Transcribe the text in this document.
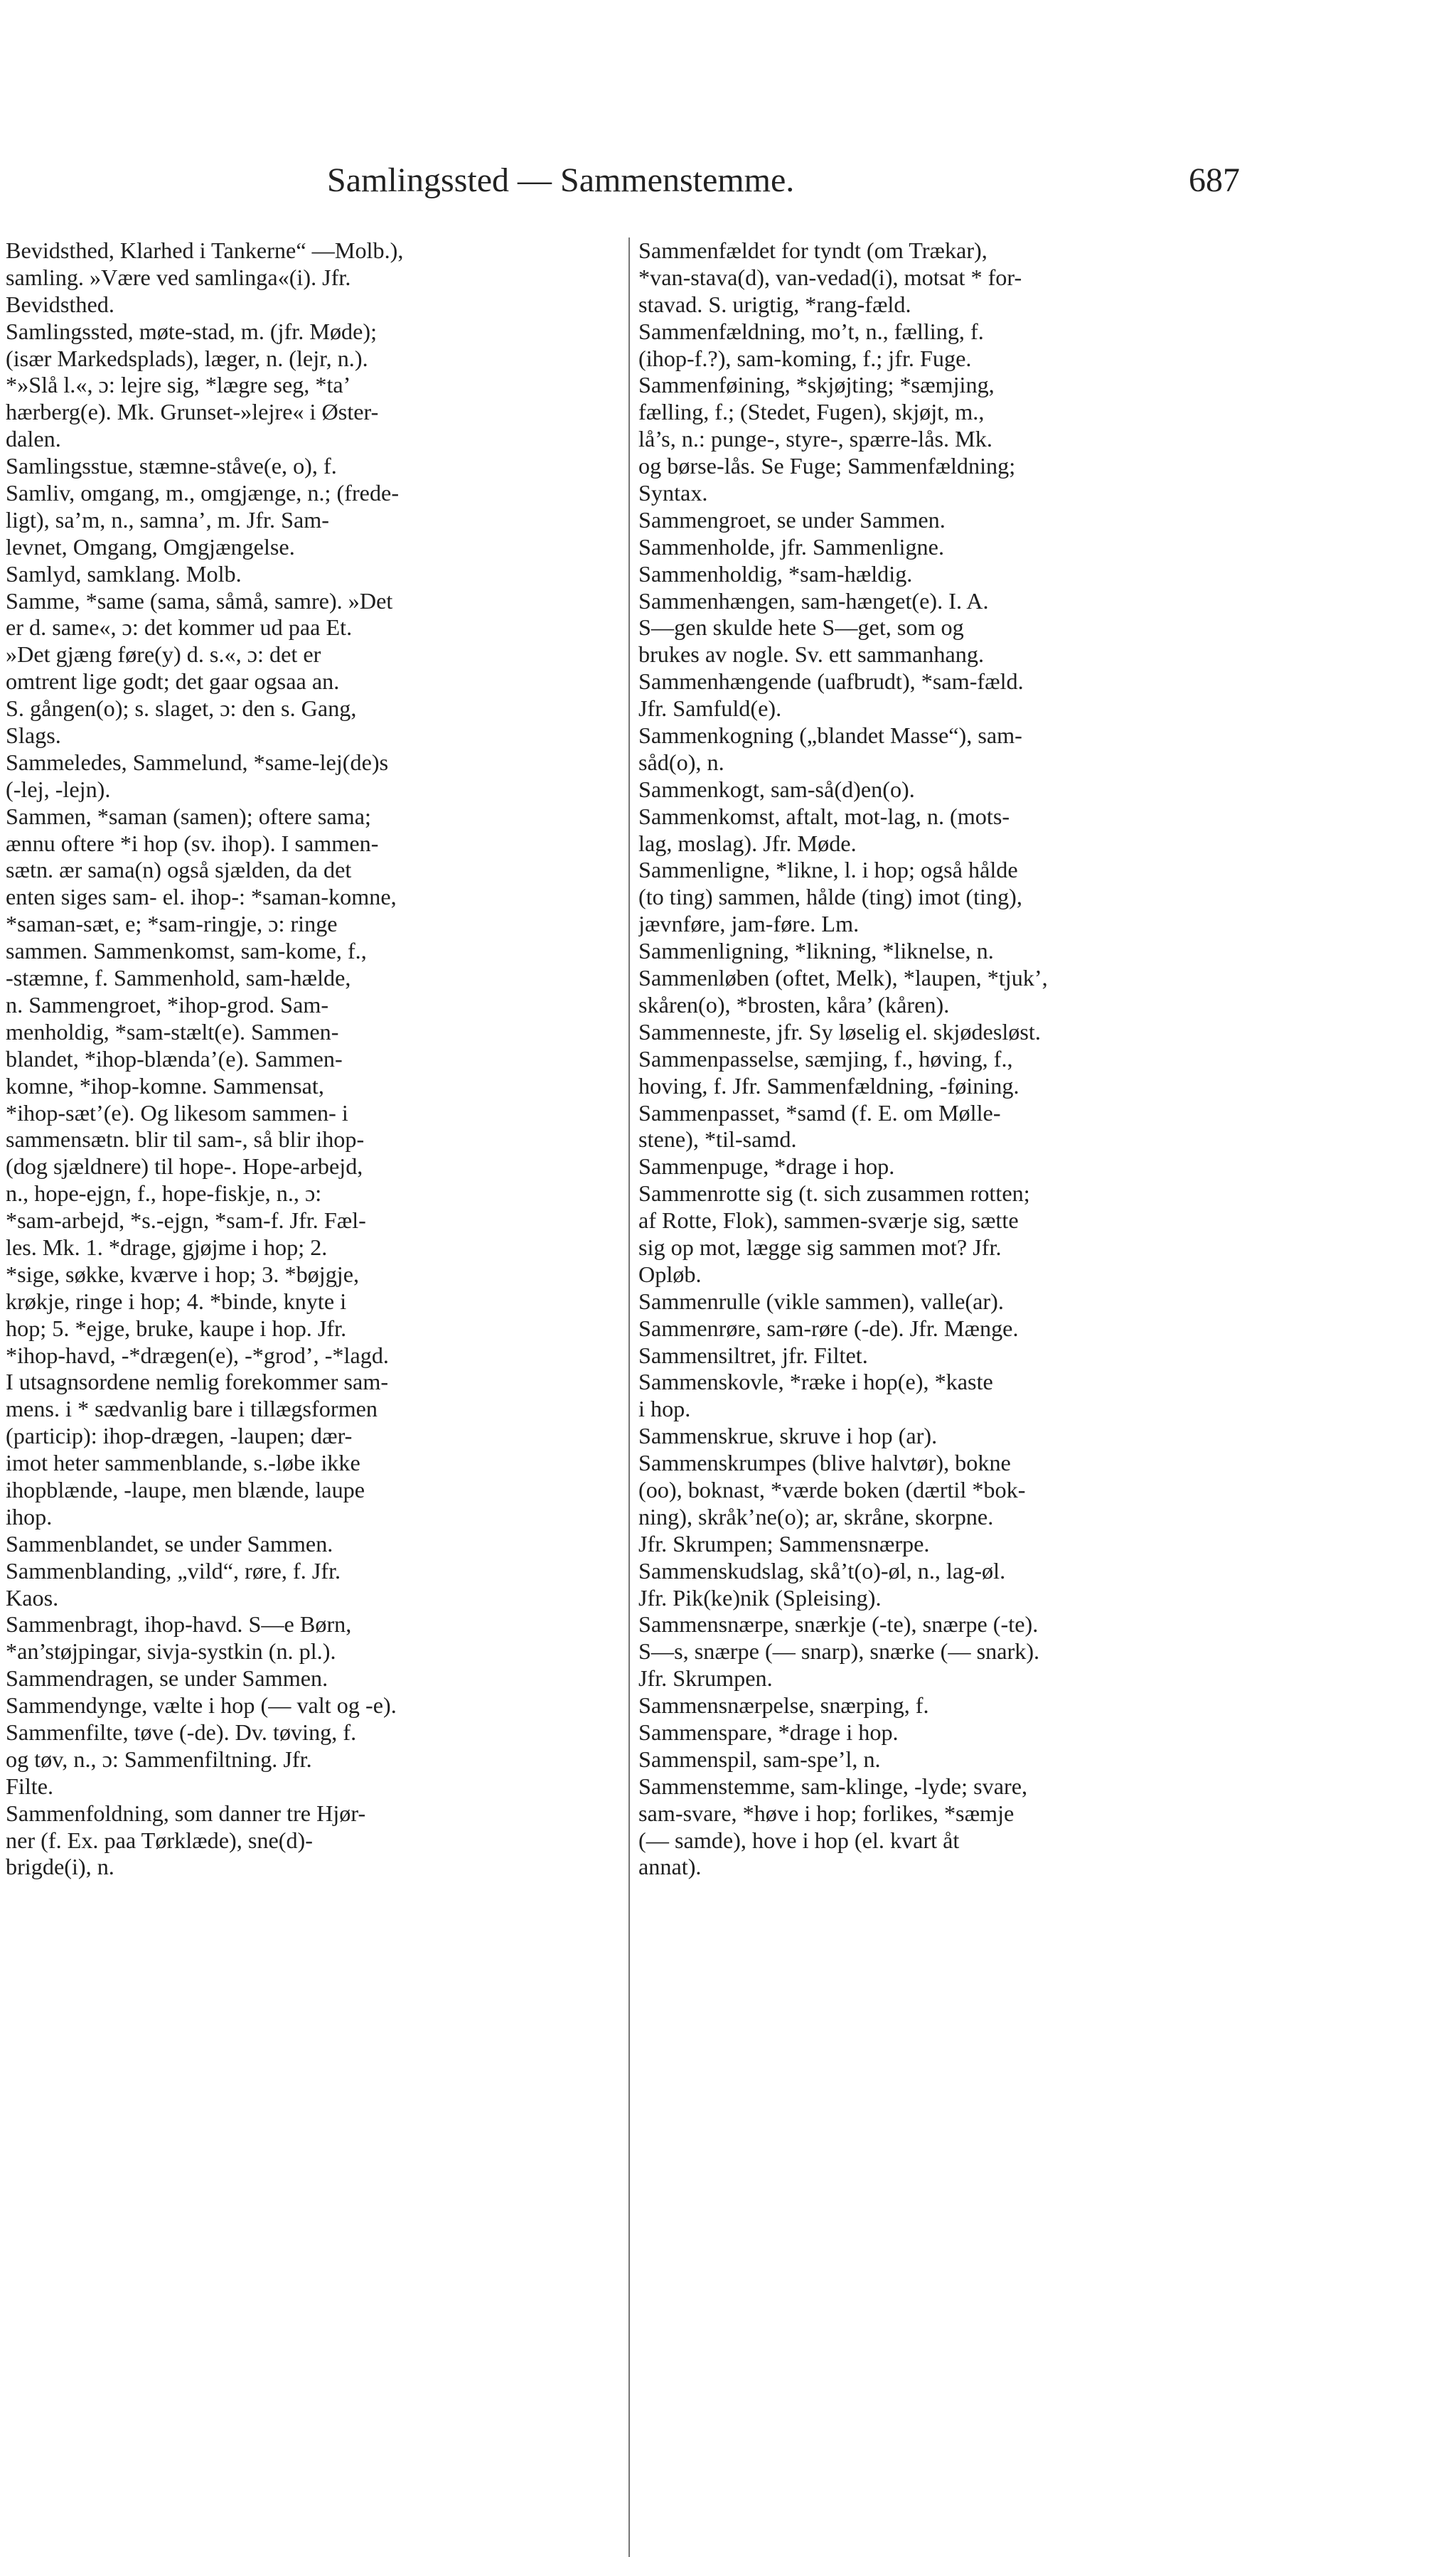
Samlingssted — Sammenstemme.	687
Bevidsthed, Klarhed i Tankerne“ —Molb.),
samling. »Være ved samlinga«(i). Jfr.
Bevidsthed.
Samlingssted, møte-stad, m. (jfr. Møde);
(især Markedsplads), læger, n. (lejr, n.).
*»Slå l.«, ɔ: lejre sig, *lægre seg, *ta’
hærberg(e). Mk. Grunset-»lejre« i Øster-
dalen.
Samlingsstue, stæmne-ståve(e, o), f.
Samliv, omgang, m., omgjænge, n.; (frede-
ligt), sa’m, n., samna’, m. Jfr. Sam-
levnet, Omgang, Omgjængelse.
Samlyd, samklang. Molb.
Samme, *same (sama, såmå, samre). »Det
er d. same«, ɔ: det kommer ud paa Et.
»Det gjæng føre(y) d. s.«, ɔ: det er
omtrent lige godt; det gaar ogsaa an.
S. gången(o); s. slaget, ɔ: den s. Gang,
Slags.
Sammeledes, Sammelund, *same-lej(de)s
(-lej, -lejn).
Sammen, *saman (samen); oftere sama;
ænnu oftere *i hop (sv. ihop). I sammen-
sætn. ær sama(n) også sjælden, da det
enten siges sam- el. ihop-: *saman-komne,
*saman-sæt, e; *sam-ringje, ɔ: ringe
sammen. Sammenkomst, sam-kome, f.,
-stæmne, f. Sammenhold, sam-hælde,
n. Sammengroet, *ihop-grod. Sam-
menholdig, *sam-stælt(e). Sammen-
blandet, *ihop-blænda’(e). Sammen-
komne, *ihop-komne. Sammensat,
*ihop-sæt’(e). Og likesom sammen- i
sammensætn. blir til sam-, så blir ihop-
(dog sjældnere) til hope-. Hope-arbejd,
n., hope-ejgn, f., hope-fiskje, n., ɔ:
*sam-arbejd, *s.-ejgn, *sam-f. Jfr. Fæl-
les. Mk. 1. *drage, gjøjme i hop; 2.
*sige, søkke, kværve i hop; 3. *bøjgje,
krøkje, ringe i hop; 4. *binde, knyte i
hop; 5. *ejge, bruke, kaupe i hop. Jfr.
*ihop-havd, -*drægen(e), -*grod’, -*lagd.
I utsagnsordene nemlig forekommer sam-
mens. i * sædvanlig bare i tillægsformen
(particip): ihop-drægen, -laupen; dær-
imot heter sammenblande, s.-løbe ikke
ihopblænde, -laupe, men blænde, laupe
ihop.
Sammenblandet, se under Sammen.
Sammenblanding, „vild“, røre, f. Jfr.
Kaos.
Sammenbragt, ihop-havd. S—e Børn,
*an’støjpingar, sivja-systkin (n. pl.).
Sammendragen, se under Sammen.
Sammendynge, vælte i hop (— valt og -e).
Sammenfilte, tøve (-de). Dv. tøving, f.
og tøv, n., ɔ: Sammenfiltning. Jfr.
Filte.
Sammenfoldning, som danner tre Hjør-
ner (f. Ex. paa Tørklæde), sne(d)-
brigde(i), n.
Sammenfældet for tyndt (om Trækar),
*van-stava(d), van-vedad(i), motsat * for-
stavad. S. urigtig, *rang-fæld.
Sammenfældning, mo’t, n., fælling, f.
(ihop-f.?), sam-koming, f.; jfr. Fuge.
Sammenføining, *skjøjting; *sæmjing,
fælling, f.; (Stedet, Fugen), skjøjt, m.,
lå’s, n.: punge-, styre-, spærre-lås. Mk.
og børse-lås. Se Fuge; Sammenfældning;
Syntax.
Sammengroet, se under Sammen.
Sammenholde, jfr. Sammenligne.
Sammenholdig, *sam-hældig.
Sammenhængen, sam-hænget(e). I. A.
S—gen skulde hete S—get, som og
brukes av nogle. Sv. ett sammanhang.
Sammenhængende (uafbrudt), *sam-fæld.
Jfr. Samfuld(e).
Sammenkogning („blandet Masse“), sam-
såd(o), n.
Sammenkogt, sam-så(d)en(o).
Sammenkomst, aftalt, mot-lag, n. (mots-
lag, moslag). Jfr. Møde.
Sammenligne, *likne, l. i hop; også hålde
(to ting) sammen, hålde (ting) imot (ting),
jævnføre, jam-føre. Lm.
Sammenligning, *likning, *liknelse, n.
Sammenløben (oftet, Melk), *laupen, *tjuk’,
skåren(o), *brosten, kåra’ (kåren).
Sammenneste, jfr. Sy løselig el. skjødesløst.
Sammenpasselse, sæmjing, f., høving, f.,
hoving, f. Jfr. Sammenfældning, -føining.
Sammenpasset, *samd (f. E. om Mølle-
stene), *til-samd.
Sammenpuge, *drage i hop.
Sammenrotte sig (t. sich zusammen rotten;
af Rotte, Flok), sammen-sværje sig, sætte
sig op mot, lægge sig sammen mot? Jfr.
Opløb.
Sammenrulle (vikle sammen), valle(ar).
Sammenrøre, sam-røre (-de). Jfr. Mænge.
Sammensiltret, jfr. Filtet.
Sammenskovle, *ræke i hop(e), *kaste
i hop.
Sammenskrue, skruve i hop (ar).
Sammenskrumpes (blive halvtør), bokne
(oo), boknast, *værde boken (dærtil *bok-
ning), skråk’ne(o); ar, skråne, skorpne.
Jfr. Skrumpen; Sammensnærpe.
Sammenskudslag, skå’t(o)-øl, n., lag-øl.
Jfr. Pik(ke)nik (Spleising).
Sammensnærpe, snærkje (-te), snærpe (-te).
S—s, snærpe (— snarp), snærke (— snark).
Jfr. Skrumpen.
Sammensnærpelse, snærping, f.
Sammenspare, *drage i hop.
Sammenspil, sam-spe’l, n.
Sammenstemme, sam-klinge, -lyde; svare,
sam-svare, *høve i hop; forlikes, *sæmje
(— samde), hove i hop (el. kvart åt
annat).
